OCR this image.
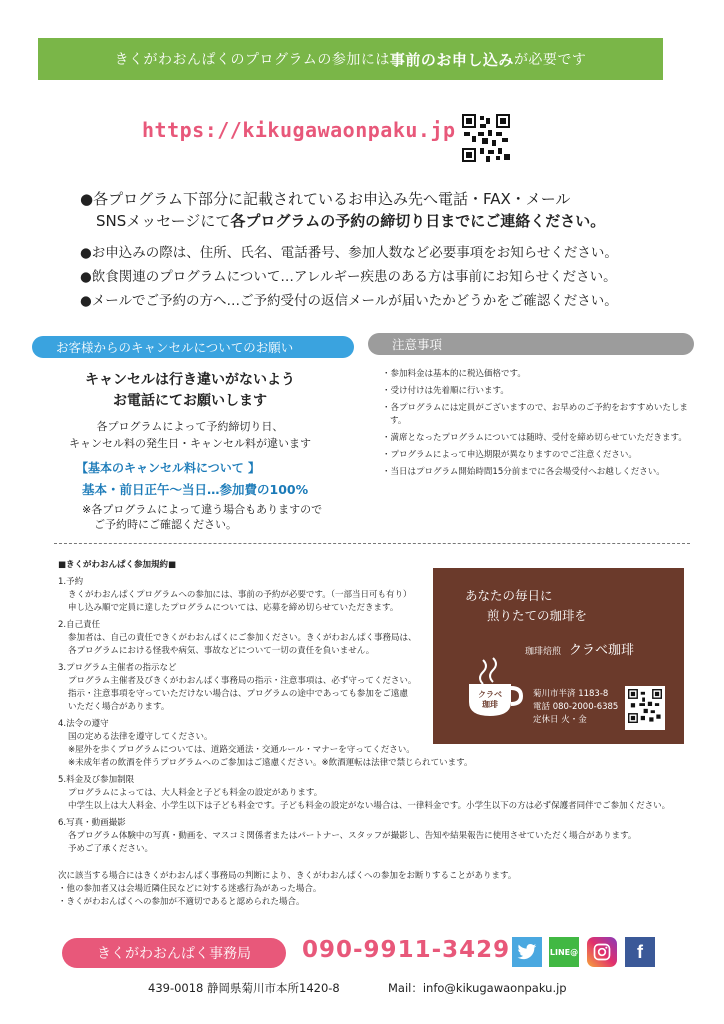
きくがわおんぱくのプログラムの参加には 事前のお申し込み が必要です
https://kikugawaonpaku.jp
●各プログラム下部分に記載されているお申込み先へ電話・FAX・メール
SNSメッセージにて各プログラムの予約の締切り日までにご連絡ください。
●お申込みの際は、住所、氏名、電話番号、参加人数など必要事項をお知らせください。
●飲食関連のプログラムについて…アレルギー疾患のある方は事前にお知らせください。
●メールでご予約の方へ…ご予約受付の返信メールが届いたかどうかをご確認ください。
お客様からのキャンセルについてのお願い	注意事項
キャンセルは行き違いがないよう
お電話にてお願いします
各プログラムによって予約締切り日、
キャンセル料の発生日・キャンセル料が違います
【基本のキャンセル料について 】
基本・前日正午〜当日…参加費の100%
※各プログラムによって違う場合もありますので
ご予約時にご確認ください。
・参加料金は基本的に税込価格です。
・受け付けは先着順に行います。
・各プログラムには定員がございますので、お早めのご予約をおすすめいたします。
・満席となったプログラムについては随時、受付を締め切らせていただきます。
・プログラムによって申込期限が異なりますのでご注意ください。
・当日はプログラム開始時間15分前までに各会場受付へお越しください。
■きくがわおんぱく参加規約■
1.予約
きくがわおんぱくプログラムへの参加には、事前の予約が必要です。（一部当日可も有り）
申し込み順で定員に達したプログラムについては、応募を締め切らせていただきます。
2.自己責任
参加者は、自己の責任できくがわおんぱくにご参加ください。きくがわおんぱく事務局は、
各プログラムにおける怪我や病気、事故などについて一切の責任を負いません。
3.プログラム主催者の指示など
プログラム主催者及びきくがわおんぱく事務局の指示・注意事項は、必ず守ってください。
指示・注意事項を守っていただけない場合は、プログラムの途中であっても参加をご遠慮
いただく場合があります。
4.法令の遵守
国の定める法律を遵守してください。
※屋外を歩くプログラムについては、道路交通法・交通ルール・マナーを守ってください。
※未成年者の飲酒を伴うプログラムへのご参加はご遠慮ください。※飲酒運転は法律で禁じられています。
5.料金及び参加制限
プログラムによっては、大人料金と子ども料金の設定があります。
中学生以上は大人料金、小学生以下は子ども料金です。子ども料金の設定がない場合は、一律料金です。小学生以下の方は必ず保護者同伴でご参加ください。
6.写真・動画撮影
各プログラム体験中の写真・動画を、マスコミ関係者またはパートナー、スタッフが撮影し、告知や結果報告に使用させていただく場合があります。
予めご了承ください。
次に該当する場合にはきくがわおんぱく事務局の判断により、きくがわおんぱくへの参加をお断りすることがあります。
・他の参加者又は会場近隣住民などに対する迷惑行為があった場合。
・きくがわおんぱくへの参加が不適切であると認められた場合。
あなたの毎日に
煎りたての珈琲を
珈琲焙煎 クラベ珈琲
クラベ
珈琲
菊川市半済 1183-8
電話 080-2000-6385
定休日 火・金
きくがわおんぱく事務局	090-9911-3429	LINE@	f
439-0018 静岡県菊川市本所1420-8	Mail：info@kikugawaonpaku.jp
